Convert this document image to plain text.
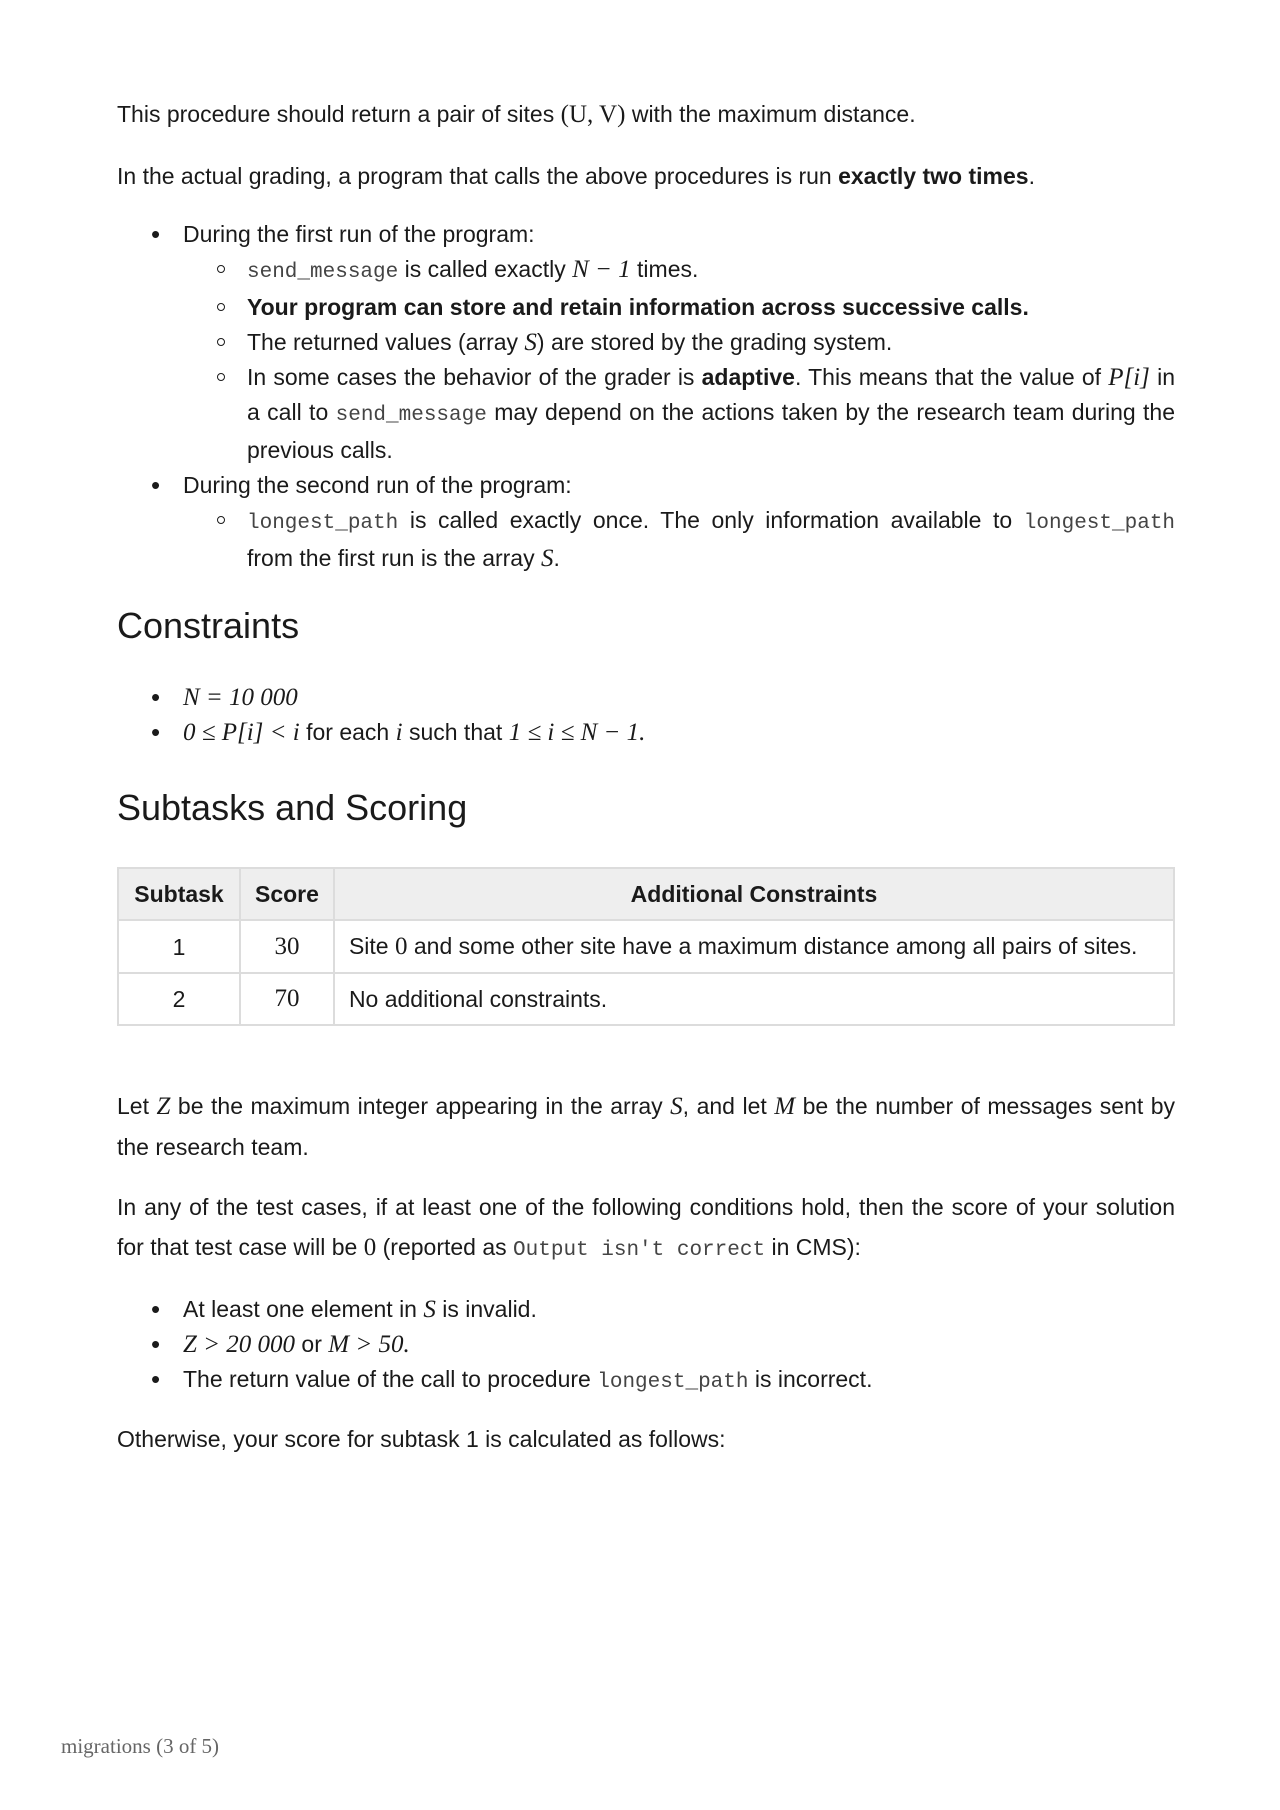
This procedure should return a pair of sites (U, V) with the maximum distance.

In the actual grading, a program that calls the above procedures is run exactly two times.

• During the first run of the program:
send_message is called exactly N − 1 times.
Your program can store and retain information across successive calls.
The returned values (array S) are stored by the grading system.
In some cases the behavior of the grader is adaptive. This means that the value of P[i] in a call to send_message may depend on the actions taken by the research team during the previous calls.
• During the second run of the program:
longest_path is called exactly once. The only information available to longest_path from the first run is the array S.
Constraints
• N = 10 000
• 0 ≤ P[i] < i for each i such that 1 ≤ i ≤ N − 1.
Subtasks and Scoring
Subtask	Score	Additional Constraints
1	30	Site 0 and some other site have a maximum distance among all pairs of sites.
2	70	No additional constraints.

Let Z be the maximum integer appearing in the array S, and let M be the number of messages sent by the research team.

In any of the test cases, if at least one of the following conditions hold, then the score of your solution for that test case will be 0 (reported as Output isn't correct in CMS):

• At least one element in S is invalid.
• Z > 20 000 or M > 50.
• The return value of the call to procedure longest_path is incorrect.

Otherwise, your score for subtask 1 is calculated as follows:

migrations (3 of 5)
